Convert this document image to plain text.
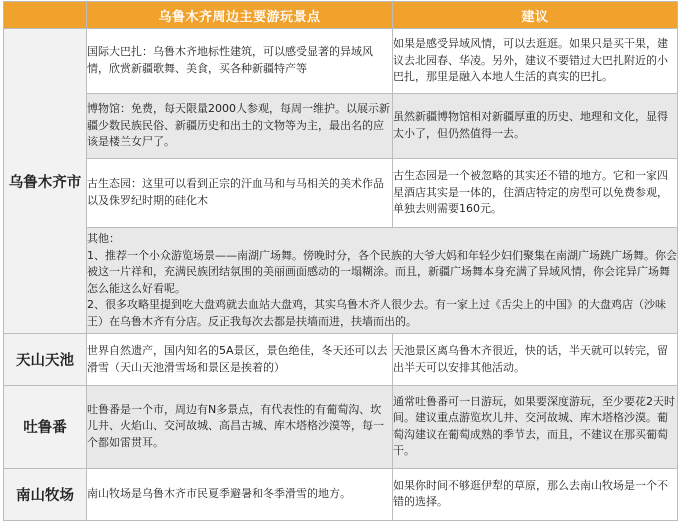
	乌鲁木齐周边主要游玩景点	建议
乌鲁木齐市	国际大巴扎：乌鲁木齐地标性建筑，可以感受显著的异域风情，欣赏新疆歌舞、美食，买各种新疆特产等	如果是感受异域风情，可以去逛逛。如果只是买干果，建议去北园春、华凌。另外，建议不要错过大巴扎附近的小巴扎，那里是融入本地人生活的真实的巴扎。
	博物馆：免费，每天限量2000人参观，每周一维护。以展示新疆少数民族民俗、新疆历史和出土的文物等为主，最出名的应该是楼兰女尸了。	虽然新疆博物馆相对新疆厚重的历史、地理和文化，显得太小了，但仍然值得一去。
	古生态园：这里可以看到正宗的汗血马和与马相关的美术作品以及侏罗纪时期的硅化木	古生态园是一个被忽略的其实还不错的地方。它和一家四星酒店其实是一体的，住酒店特定的房型可以免费参观，单独去则需要160元。
	其他：
1、推荐一个小众游览场景——南湖广场舞。傍晚时分，各个民族的大爷大妈和年轻少妇们聚集在南湖广场跳广场舞。你会被这一片祥和，充满民族团结氛围的美丽画面感动的一塌糊涂。而且，新疆广场舞本身充满了异域风情，你会诧异广场舞怎么能这么好看呢。
2、很多攻略里提到吃大盘鸡就去血站大盘鸡，其实乌鲁木齐人很少去。有一家上过《舌尖上的中国》的大盘鸡店（沙味王）在乌鲁木齐有分店。反正我每次去都是扶墙而进，扶墙而出的。	
天山天池	世界自然遗产，国内知名的5A景区，景色绝佳，冬天还可以去滑雪（天山天池滑雪场和景区是挨着的）	天池景区离乌鲁木齐很近，快的话，半天就可以转完，留出半天可以安排其他活动。
吐鲁番	吐鲁番是一个市，周边有N多景点，有代表性的有葡萄沟、坎儿井、火焰山、交河故城、高昌古城、库木塔格沙漠等，每一个都如雷贯耳。	通常吐鲁番可一日游玩，如果要深度游玩，至少要花2天时间。建议重点游览坎儿井、交河故城、库木塔格沙漠。葡萄沟建议在葡萄成熟的季节去，而且，不建议在那买葡萄干。
南山牧场	南山牧场是乌鲁木齐市民夏季避暑和冬季滑雪的地方。	如果你时间不够逛伊犁的草原，那么去南山牧场是一个不错的选择。
